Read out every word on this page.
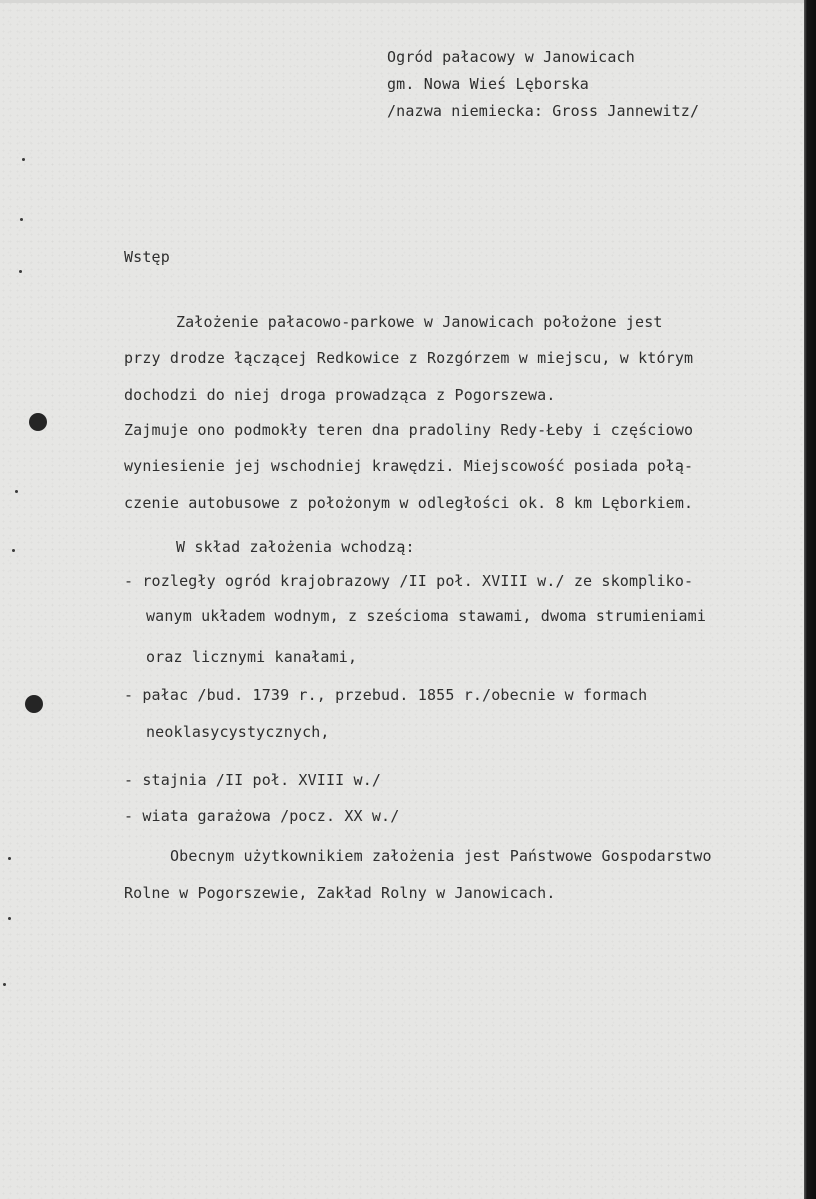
Ogród pałacowy w Janowicach
gm. Nowa Wieś Lęborska
/nazwa niemiecka: Gross Jannewitz/
Wstęp
Założenie pałacowo-parkowe w Janowicach położone jest
przy drodze łączącej Redkowice z Rozgórzem w miejscu, w którym
dochodzi do niej droga prowadząca z Pogorszewa.
Zajmuje ono podmokły teren dna pradoliny Redy-Łeby i częściowo
wyniesienie jej wschodniej krawędzi. Miejscowość posiada połą-
czenie autobusowe z położonym w odległości ok. 8 km Lęborkiem.
W skład założenia wchodzą:
- rozległy ogród krajobrazowy /II poł. XVIII w./ ze skompliko-
wanym układem wodnym, z sześcioma stawami, dwoma strumieniami
oraz licznymi kanałami,
- pałac /bud. 1739 r., przebud. 1855 r./obecnie w formach
neoklasycystycznych,
- stajnia /II poł. XVIII w./
- wiata garażowa /pocz. XX w./
Obecnym użytkownikiem założenia jest Państwowe Gospodarstwo
Rolne w Pogorszewie, Zakład Rolny w Janowicach.
